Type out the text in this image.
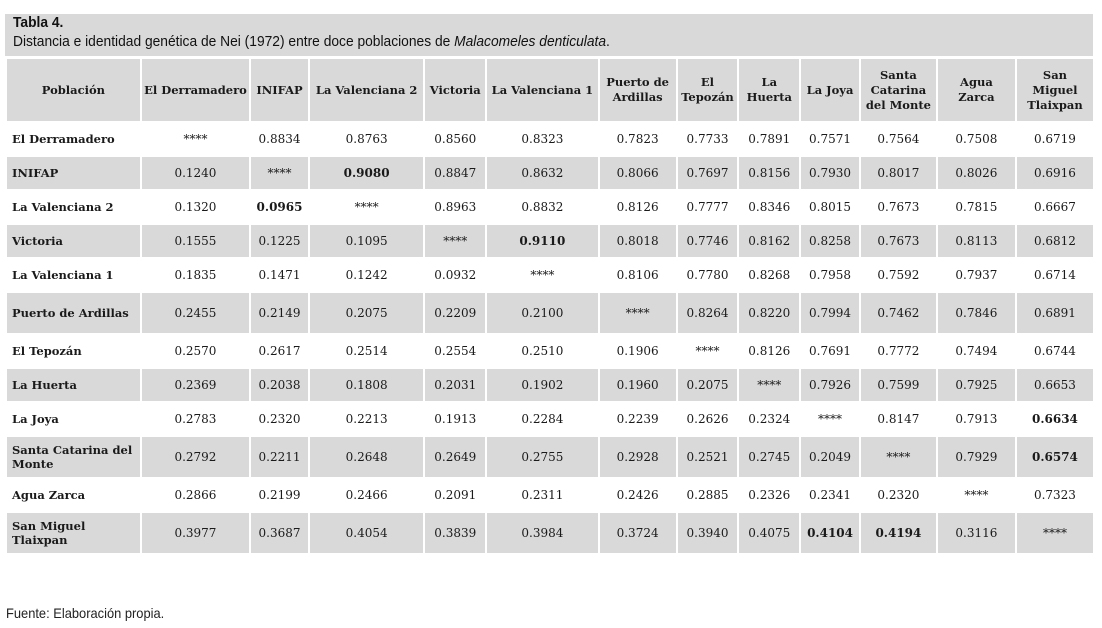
Tabla 4.
Distancia e identidad genética de Nei (1972) entre doce poblaciones de Malacomeles denticulata.
Población	El Derramadero	INIFAP	La Valenciana 2	Victoria	La Valenciana 1	Puerto de Ardillas	El Tepozán	La Huerta	La Joya	Santa Catarina del Monte	Agua Zarca	San Miguel Tlaixpan
El Derramadero	****	0.8834	0.8763	0.8560	0.8323	0.7823	0.7733	0.7891	0.7571	0.7564	0.7508	0.6719
INIFAP	0.1240	****	0.9080	0.8847	0.8632	0.8066	0.7697	0.8156	0.7930	0.8017	0.8026	0.6916
La Valenciana 2	0.1320	0.0965	****	0.8963	0.8832	0.8126	0.7777	0.8346	0.8015	0.7673	0.7815	0.6667
Victoria	0.1555	0.1225	0.1095	****	0.9110	0.8018	0.7746	0.8162	0.8258	0.7673	0.8113	0.6812
La Valenciana 1	0.1835	0.1471	0.1242	0.0932	****	0.8106	0.7780	0.8268	0.7958	0.7592	0.7937	0.6714
Puerto de Ardillas	0.2455	0.2149	0.2075	0.2209	0.2100	****	0.8264	0.8220	0.7994	0.7462	0.7846	0.6891
El Tepozán	0.2570	0.2617	0.2514	0.2554	0.2510	0.1906	****	0.8126	0.7691	0.7772	0.7494	0.6744
La Huerta	0.2369	0.2038	0.1808	0.2031	0.1902	0.1960	0.2075	****	0.7926	0.7599	0.7925	0.6653
La Joya	0.2783	0.2320	0.2213	0.1913	0.2284	0.2239	0.2626	0.2324	****	0.8147	0.7913	0.6634
Santa Catarina del Monte	0.2792	0.2211	0.2648	0.2649	0.2755	0.2928	0.2521	0.2745	0.2049	****	0.7929	0.6574
Agua Zarca	0.2866	0.2199	0.2466	0.2091	0.2311	0.2426	0.2885	0.2326	0.2341	0.2320	****	0.7323
San Miguel Tlaixpan	0.3977	0.3687	0.4054	0.3839	0.3984	0.3724	0.3940	0.4075	0.4104	0.4194	0.3116	****
Fuente: Elaboración propia.
